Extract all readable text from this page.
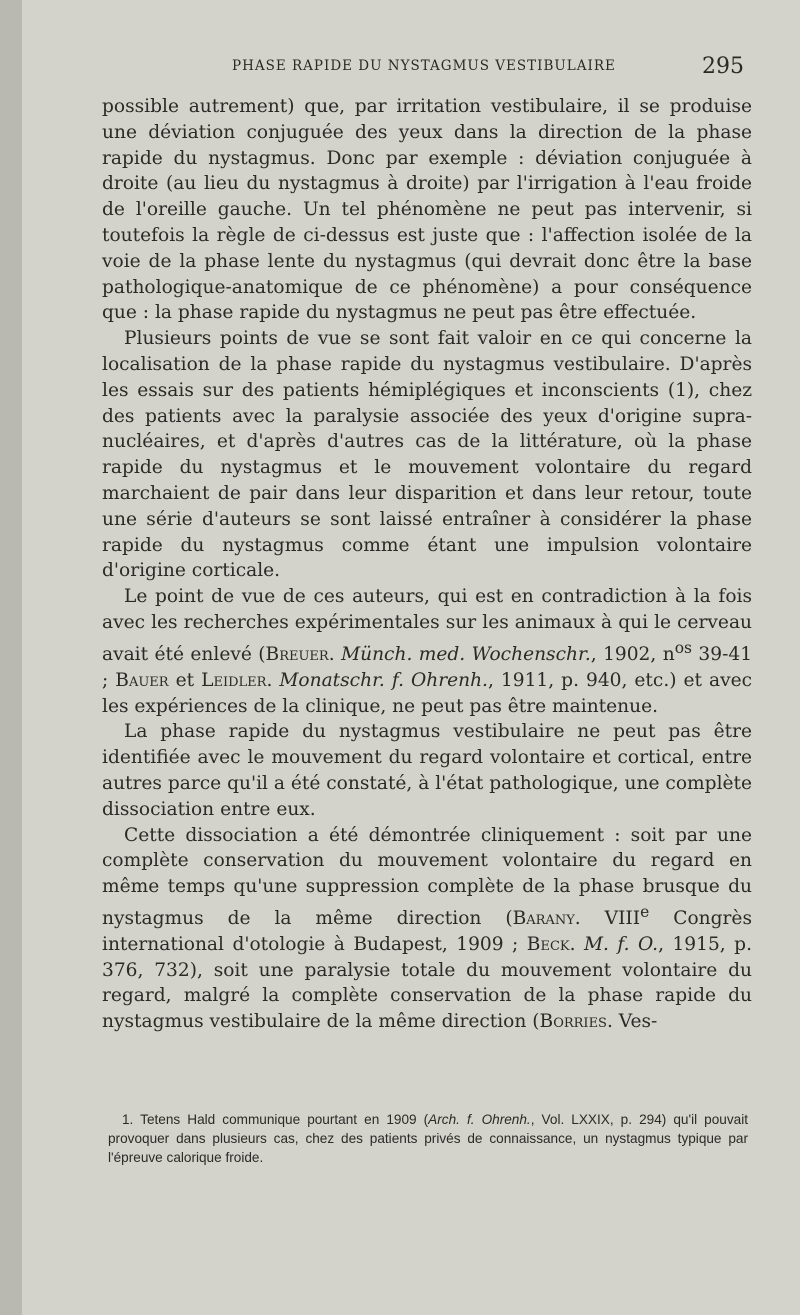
PHASE RAPIDE DU NYSTAGMUS VESTIBULAIRE	295

possible autrement) que, par irritation vestibulaire, il se produise une déviation conjuguée des yeux dans la direction de la phase rapide du nystagmus. Donc par exemple : déviation conjuguée à droite (au lieu du nystagmus à droite) par l'irrigation à l'eau froide de l'oreille gauche. Un tel phénomène ne peut pas intervenir, si toutefois la règle de ci-dessus est juste que : l'affection isolée de la voie de la phase lente du nystagmus (qui devrait donc être la base pathologique-anatomique de ce phénomène) a pour conséquence que : la phase rapide du nystagmus ne peut pas être effectuée.

Plusieurs points de vue se sont fait valoir en ce qui concerne la localisation de la phase rapide du nystagmus vestibulaire. D'après les essais sur des patients hémiplégiques et inconscients (1), chez des patients avec la paralysie associée des yeux d'origine supra-nucléaires, et d'après d'autres cas de la littérature, où la phase rapide du nystagmus et le mouvement volontaire du regard marchaient de pair dans leur disparition et dans leur retour, toute une série d'auteurs se sont laissé entraîner à considérer la phase rapide du nystagmus comme étant une impulsion volontaire d'origine corticale.

Le point de vue de ces auteurs, qui est en contradiction à la fois avec les recherches expérimentales sur les animaux à qui le cerveau avait été enlevé (Breuer. Münch. med. Wochenschr., 1902, $n^{os}$ 39-41 ; Bauer et Leidler. Monatschr. f. Ohrenh., 1911, p. 940, etc.) et avec les expériences de la clinique, ne peut pas être maintenue.

La phase rapide du nystagmus vestibulaire ne peut pas être identifiée avec le mouvement du regard volontaire et cortical, entre autres parce qu'il a été constaté, à l'état pathologique, une complète dissociation entre eux.

Cette dissociation a été démontrée cliniquement : soit par une complète conservation du mouvement volontaire du regard en même temps qu'une suppression complète de la phase brusque du nystagmus de la même direction (Barany. VIIIe Congrès international d'otologie à Budapest, 1909 ; Beck. M. f. O., 1915, p. 376, 732), soit une paralysie totale du mouvement volontaire du regard, malgré la complète conservation de la phase rapide du nystagmus vestibulaire de la même direction (Borries. Ves-

1. Tetens Hald communique pourtant en 1909 (Arch. f. Ohrenh., Vol. LXXIX, p. 294) qu'il pouvait provoquer dans plusieurs cas, chez des patients privés de connaissance, un nystagmus typique par l'épreuve calorique froide.
